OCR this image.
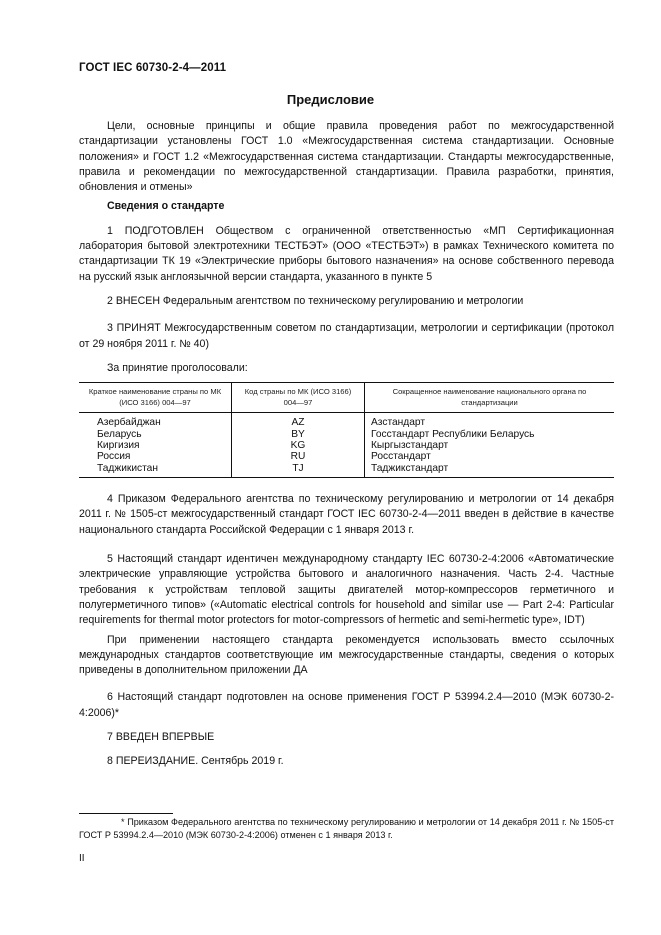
ГОСТ IEC 60730-2-4—2011
Предисловие

Цели, основные принципы и общие правила проведения работ по межгосударственной стандартизации установлены ГОСТ 1.0 «Межгосударственная система стандартизации. Основные положения» и ГОСТ 1.2 «Межгосударственная система стандартизации. Стандарты межгосударственные, правила и рекомендации по межгосударственной стандартизации. Правила разработки, принятия, обновления и отмены»

Сведения о стандарте

1 ПОДГОТОВЛЕН Обществом с ограниченной ответственностью «МП Сертификационная лаборатория бытовой электротехники ТЕСТБЭТ» (ООО «ТЕСТБЭТ») в рамках Технического комитета по стандартизации ТК 19 «Электрические приборы бытового назначения» на основе собственного перевода на русский язык англоязычной версии стандарта, указанного в пункте 5

2 ВНЕСЕН Федеральным агентством по техническому регулированию и метрологии

3 ПРИНЯТ Межгосударственным советом по стандартизации, метрологии и сертификации (протокол от 29 ноября 2011 г. № 40)

За принятие проголосовали:

Краткое наименование страны по МК (ИСО 3166) 004—97	Код страны по МК (ИСО 3166) 004—97	Сокращенное наименование национального органа по стандартизации
Азербайджан	AZ	Азстандарт
Беларусь	BY	Госстандарт Республики Беларусь
Киргизия	KG	Кыргызстандарт
Россия	RU	Росстандарт
Таджикистан	TJ	Таджикстандарт

4 Приказом Федерального агентства по техническому регулированию и метрологии от 14 декабря 2011 г. № 1505-ст межгосударственный стандарт ГОСТ IEC 60730-2-4—2011 введен в действие в качестве национального стандарта Российской Федерации с 1 января 2013 г.

5 Настоящий стандарт идентичен международному стандарту IEC 60730-2-4:2006 «Автоматические электрические управляющие устройства бытового и аналогичного назначения. Часть 2-4. Частные требования к устройствам тепловой защиты двигателей мотор-компрессоров герметичного и полугерметичного типов» («Automatic electrical controls for household and similar use — Part 2-4: Particular requirements for thermal motor protectors for motor-compressors of hermetic and semi-hermetic type», IDT)

При применении настоящего стандарта рекомендуется использовать вместо ссылочных международных стандартов соответствующие им межгосударственные стандарты, сведения о которых приведены в дополнительном приложении ДА

6 Настоящий стандарт подготовлен на основе применения ГОСТ Р 53994.2.4—2010 (МЭК 60730-2-4:2006)*

7 ВВЕДЕН ВПЕРВЫЕ

8 ПЕРЕИЗДАНИЕ. Сентябрь 2019 г.

* Приказом Федерального агентства по техническому регулированию и метрологии от 14 декабря 2011 г. № 1505-ст ГОСТ Р 53994.2.4—2010 (МЭК 60730-2-4:2006) отменен с 1 января 2013 г.

II
